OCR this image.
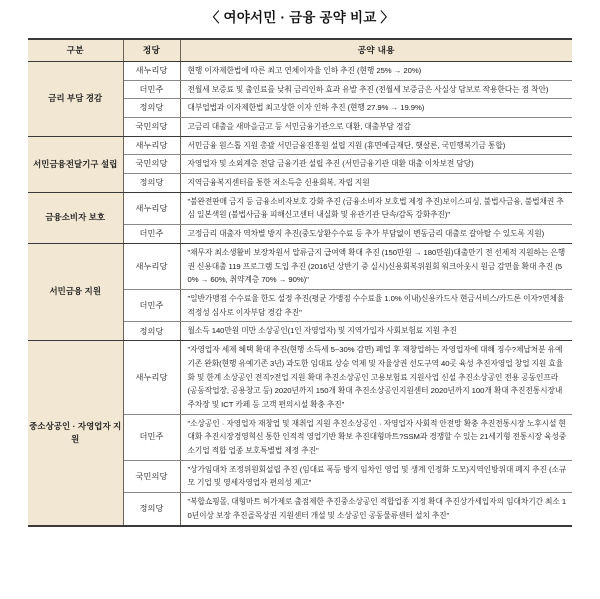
〈 여야서민 · 금융 공약 비교 〉
구분	정당	공약 내용
금리 부담 경감	새누리당	현행 이자제한법에 따른 최고 연체이자율 인하 추진 (현행 25% → 20%)
	더민주	전월세 보증료 및 출인료를 낮춰 금리인하 효과 유발 추진 (전월세 보증금은 사실상 담보로 작용한다는 점 착안)
	정의당	대부업법과 이자제한법 최고상한 이자 인하 추진 (현행 27.9% → 19.9%)
	국민의당	고금리 대출을 새마을금고 등 서민금융기관으로 대환, 대출부담 경감
서민금융전달기구 설립	새누리당	서민금융 원스톱 지원 총괄 서민금융진흥원 설립 지원 (휴면예금재단, 햇살론, 국민행복기금 통합)
	국민의당	자영업자 및 소외계층 전담 금융기관 설립 추진 (서민금융기관 대환 대출 이차보전 담당)
	정의당	지역금융복지센터를 통한 저소득층 신용회복, 자립 지원
금융소비자 보호	새누리당	"불완전판매 금지 등 금융소비자보호 강화 추진 (금융소비자 보호법 제정 추진)보이스피싱, 불법사금융, 불법채권 추심 일본색원 (불법사금융 피해신고센터 내실화 및 유관기관 단속/감독 강화추진)"
	더민주	고정금리 대출자 역차별 방지 추진(중도상환수수료 등 추가 부담없이 변동금리 대출로 갈아탈 수 있도록 지원)
서민금융 지원	새누리당	"채무자 최소생활비 보장차원서 압류금지 급여액 확대 추진 (150만원 → 180만원)대출만기 전 선제적 지원하는 은행권 신용대출 119 프로그램 도입 추진 (2016년 상반기 중 실시)신용회복위원회 워크아웃시 원금 감면율 확대 추진 (50% → 60%, 취약계층 70% → 90%)"
	더민주	"일반가맹점 수수료율 한도 설정 추진(평균 가맹점 수수료율 1.0% 이내)신용카드사 현금서비스/카드론 이자?연체율 적정성 심사로 이자부담 경감 추진"
	정의당	월소득 140만원 미만 소상공인(1인 자영업자) 및 지역가입자 사회보험료 지원 추진
중소상공인 · 자영업자 지원	새누리당	"자영업자 세제 혜택 확대 추진(현행 소득세 5~30% 감면) 폐업 후 재창업하는 자영업자에 대해 징수?체납처분 유예 기존 완화(현행 유예기존 3년) 과도한 임대료 상승 억제 및 자율상권 선도구역 40곳 육성 추진자영업 창업 지원 효율화 및 한계 소상공인 전직?전업 지원 확대 추진소상공인 고용보험료 지원사업 신설 추진소상공인 전용 공동인프라 (공동작업장, 공용창고 등) 2020년까지 150개 확대 추진소상공인지원센터 2020년까지 100개 확대 추진전통시장내 주차장 및 ICT 카페 등 고객 편의시설 확충 추진"
	더민주	"소상공인 · 자영업자 재창업 및 재취업 지원 추진소상공인 · 자영업자 사회적 안전망 확충 추진전통시장 노후시설 현대화 추진시장경영혁신 통한 인적적 영업기반 확보 추진대형마트?SSM과 경쟁할 수 있는 21세기형 전통시장 육성중소기업 적합 업종 보호특별법 제정 추진"
	국민의당	"상가임대차 조정위원회설립 추진 (임대료 폭등 방지 임차인 영업 및 생계 인정화 도모)지역인방위대 폐지 추진 (소규모 기업 및 영세자영업자 편의성 제고"
	정의당	"복합쇼핑몰, 대형마트 허가제로 출점제한 추진중소상공인 적합업종 지정 확대 추진상가세입자의 임대차기간 최소 10년이상 보장 추진골목상권 지원센터 개설 및 소상공인 공동물류센터 설치 추진"
